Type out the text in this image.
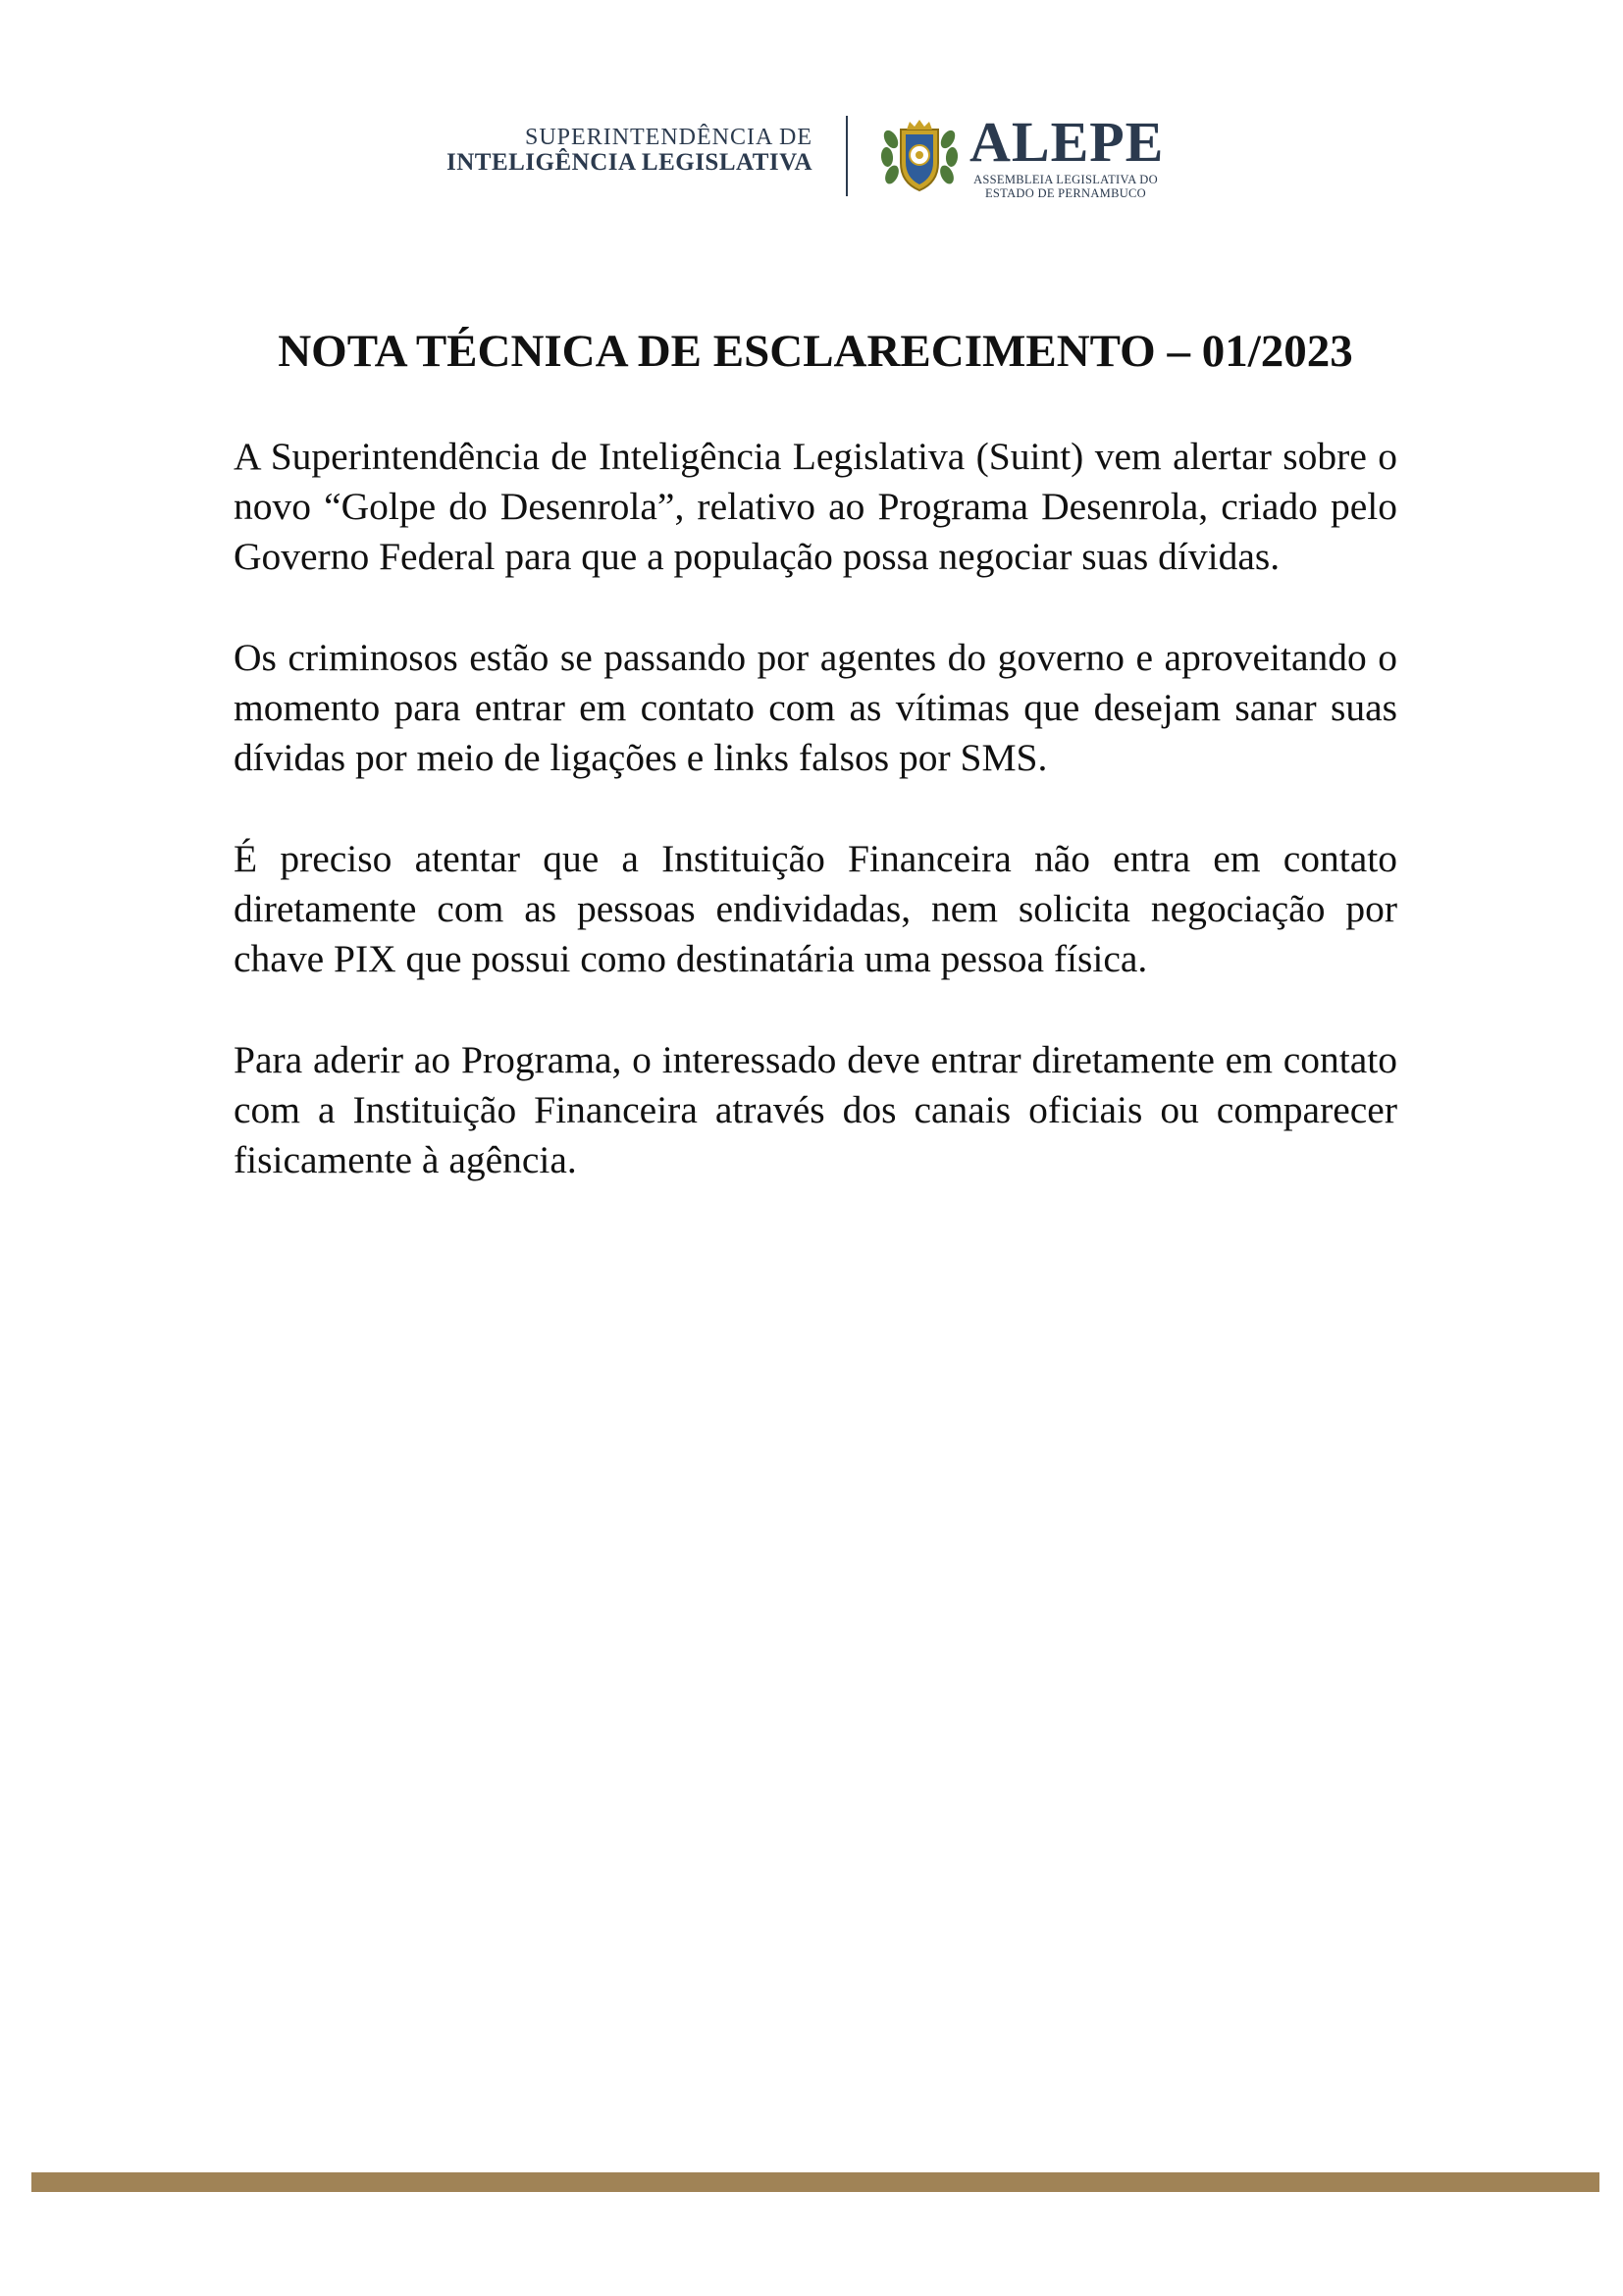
SUPERINTENDÊNCIA DE
INTELIGÊNCIA LEGISLATIVA	ALEPE
ASSEMBLEIA LEGISLATIVA DO
ESTADO DE PERNAMBUCO
NOTA TÉCNICA DE ESCLARECIMENTO – 01/2023

A Superintendência de Inteligência Legislativa (Suint) vem alertar sobre o novo “Golpe do Desenrola”, relativo ao Programa Desenrola, criado pelo Governo Federal para que a população possa negociar suas dívidas.

Os criminosos estão se passando por agentes do governo e aproveitando o momento para entrar em contato com as vítimas que desejam sanar suas dívidas por meio de ligações e links falsos por SMS.

É preciso atentar que a Instituição Financeira não entra em contato diretamente com as pessoas endividadas, nem solicita negociação por chave PIX que possui como destinatária uma pessoa física.

Para aderir ao Programa, o interessado deve entrar diretamente em contato com a Instituição Financeira através dos canais oficiais ou comparecer fisicamente à agência.
